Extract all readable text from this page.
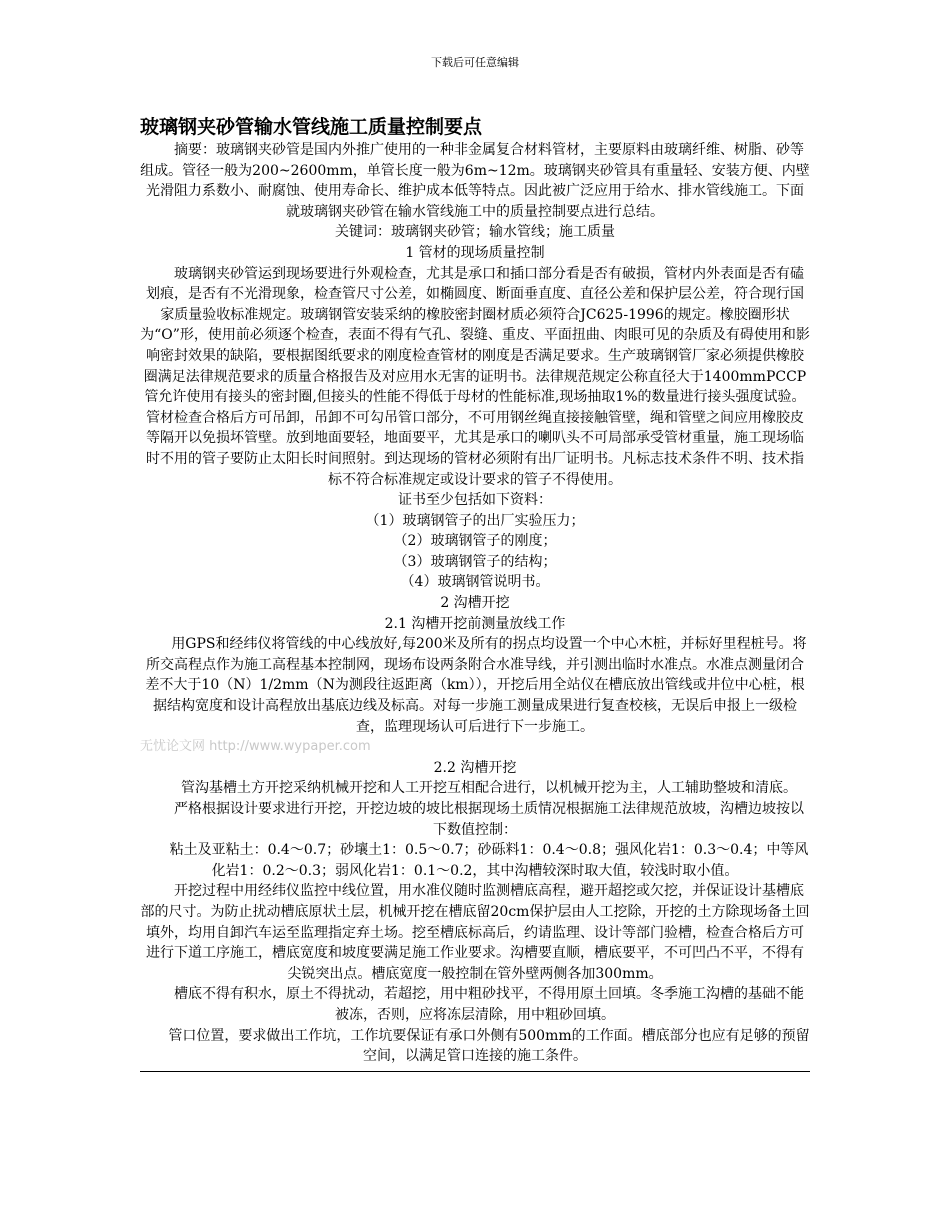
下载后可任意编辑

玻璃钢夹砂管输水管线施工质量控制要点

摘要：玻璃钢夹砂管是国内外推广使用的一种非金属复合材料管材，主要原料由玻璃纤维、树脂、砂等组成。管径一般为200~2600mm，单管长度一般为6m~12m。玻璃钢夹砂管具有重量轻、安装方便、内壁光滑阻力系数小、耐腐蚀、使用寿命长、维护成本低等特点。因此被广泛应用于给水、排水管线施工。下面就玻璃钢夹砂管在输水管线施工中的质量控制要点进行总结。

关键词：玻璃钢夹砂管；输水管线；施工质量

1 管材的现场质量控制

玻璃钢夹砂管运到现场要进行外观检查，尤其是承口和插口部分看是否有破损，管材内外表面是否有磕划痕，是否有不光滑现象，检查管尺寸公差，如椭圆度、断面垂直度、直径公差和保护层公差，符合现行国家质量验收标准规定。玻璃钢管安装采纳的橡胶密封圈材质必须符合JC625-1996的规定。橡胶圈形状为“O”形，使用前必须逐个检查，表面不得有气孔、裂缝、重皮、平面扭曲、肉眼可见的杂质及有碍使用和影响密封效果的缺陷，要根据图纸要求的刚度检查管材的刚度是否满足要求。生产玻璃钢管厂家必须提供橡胶圈满足法律规范要求的质量合格报告及对应用水无害的证明书。法律规范规定公称直径大于1400mmPCCP管允许使用有接头的密封圈,但接头的性能不得低于母材的性能标准,现场抽取1%的数量进行接头强度试验。管材检查合格后方可吊卸，吊卸不可勾吊管口部分，不可用钢丝绳直接接触管壁，绳和管壁之间应用橡胶皮等隔开以免损坏管壁。放到地面要轻，地面要平，尤其是承口的喇叭头不可局部承受管材重量，施工现场临时不用的管子要防止太阳长时间照射。到达现场的管材必须附有出厂证明书。凡标志技术条件不明、技术指标不符合标准规定或设计要求的管子不得使用。

证书至少包括如下资料：

（1）玻璃钢管子的出厂实验压力；

（2）玻璃钢管子的刚度；

（3）玻璃钢管子的结构；

（4）玻璃钢管说明书。

2 沟槽开挖

2.1 沟槽开挖前测量放线工作

用GPS和经纬仪将管线的中心线放好,每200米及所有的拐点均设置一个中心木桩，并标好里程桩号。将所交高程点作为施工高程基本控制网，现场布设两条附合水准导线，并引测出临时水准点。水准点测量闭合差不大于10（N）1/2mm（N为测段往返距离（km）），开挖后用全站仪在槽底放出管线或井位中心桩，根据结构宽度和设计高程放出基底边线及标高。对每一步施工测量成果进行复查校核，无误后申报上一级检查，监理现场认可后进行下一步施工。

无忧论文网 http://www.wypaper.com

2.2 沟槽开挖

管沟基槽土方开挖采纳机械开挖和人工开挖互相配合进行，以机械开挖为主，人工辅助整坡和清底。

严格根据设计要求进行开挖，开挖边坡的坡比根据现场土质情况根据施工法律规范放坡，沟槽边坡按以下数值控制：

粘土及亚粘土：0.4～0.7；砂壤土1：0.5～0.7；砂砾料1：0.4～0.8；强风化岩1：0.3～0.4；中等风化岩1：0.2～0.3；弱风化岩1：0.1～0.2，其中沟槽较深时取大值，较浅时取小值。

开挖过程中用经纬仪监控中线位置，用水准仪随时监测槽底高程，避开超挖或欠挖，并保证设计基槽底部的尺寸。为防止扰动槽底原状土层，机械开挖在槽底留20cm保护层由人工挖除，开挖的土方除现场备土回填外，均用自卸汽车运至监理指定弃土场。挖至槽底标高后，约请监理、设计等部门验槽，检查合格后方可进行下道工序施工，槽底宽度和坡度要满足施工作业要求。沟槽要直顺，槽底要平，不可凹凸不平，不得有尖锐突出点。槽底宽度一般控制在管外壁两侧各加300mm。

槽底不得有积水，原土不得扰动，若超挖，用中粗砂找平，不得用原土回填。冬季施工沟槽的基础不能被冻，否则，应将冻层清除，用中粗砂回填。

管口位置，要求做出工作坑，工作坑要保证有承口外侧有500mm的工作面。槽底部分也应有足够的预留空间，以满足管口连接的施工条件。
